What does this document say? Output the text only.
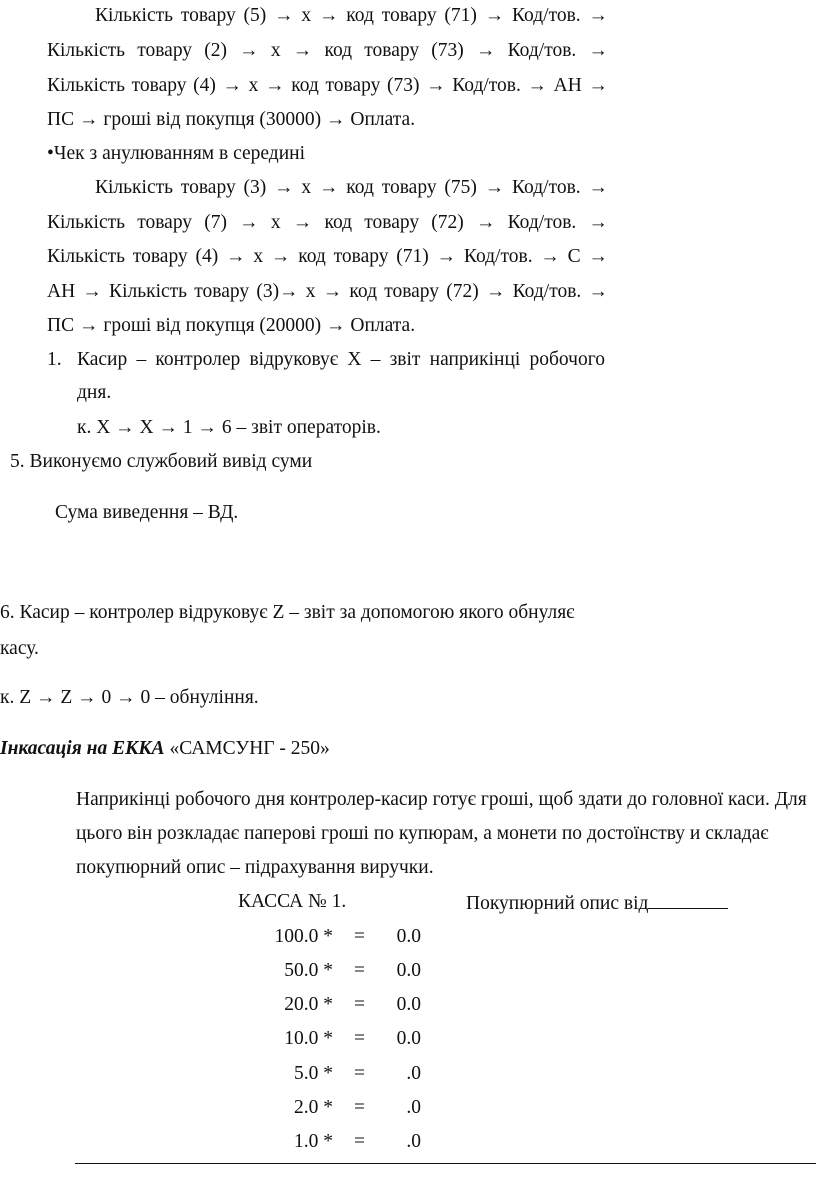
Кількість товару (5) → х → код товару (71) → Код/тов. →
Кількість товару (2) → х → код товару (73) → Код/тов. →
Кількість товару (4) → х → код товару (73) → Код/тов. → АН →
ПС → гроші від покупця (30000) → Оплата.
•Чек з анулюванням в середині
Кількість товару (3) → х → код товару (75) → Код/тов. →
Кількість товару (7) → х → код товару (72) → Код/тов. →
Кількість товару (4) → х → код товару (71) → Код/тов. → С →
АН → Кількість товару (3)→ х → код товару (72) → Код/тов. →
ПС → гроші від покупця (20000) → Оплата.
1. Касир – контролер відруковує Х – звіт наприкінці робочого
дня.
к. Х → Х → 1 → 6 – звіт операторів.
5. Виконуємо службовий вивід суми
Сума виведення – ВД.
6. Касир – контролер відруковує Z – звіт за допомогою якого обнуляє
касу.
к. Z → Z → 0 → 0 – обнуління.
Інкасація на ЕККА «САМСУНГ - 250»
Наприкінці робочого дня контролер-касир готує гроші, щоб здати до головної каси. Для
цього він розкладає паперові гроші по купюрам, а монети по достоїнству и складає
покупюрний опис – підрахування виручки.
КАССА № 1.	Покупюрний опис від
100.0 * =	0.0
50.0 * =	0.0
20.0 * =	0.0
10.0 * =	0.0
5.0 * =	.0
2.0 * =	.0
1.0 * =	.0
